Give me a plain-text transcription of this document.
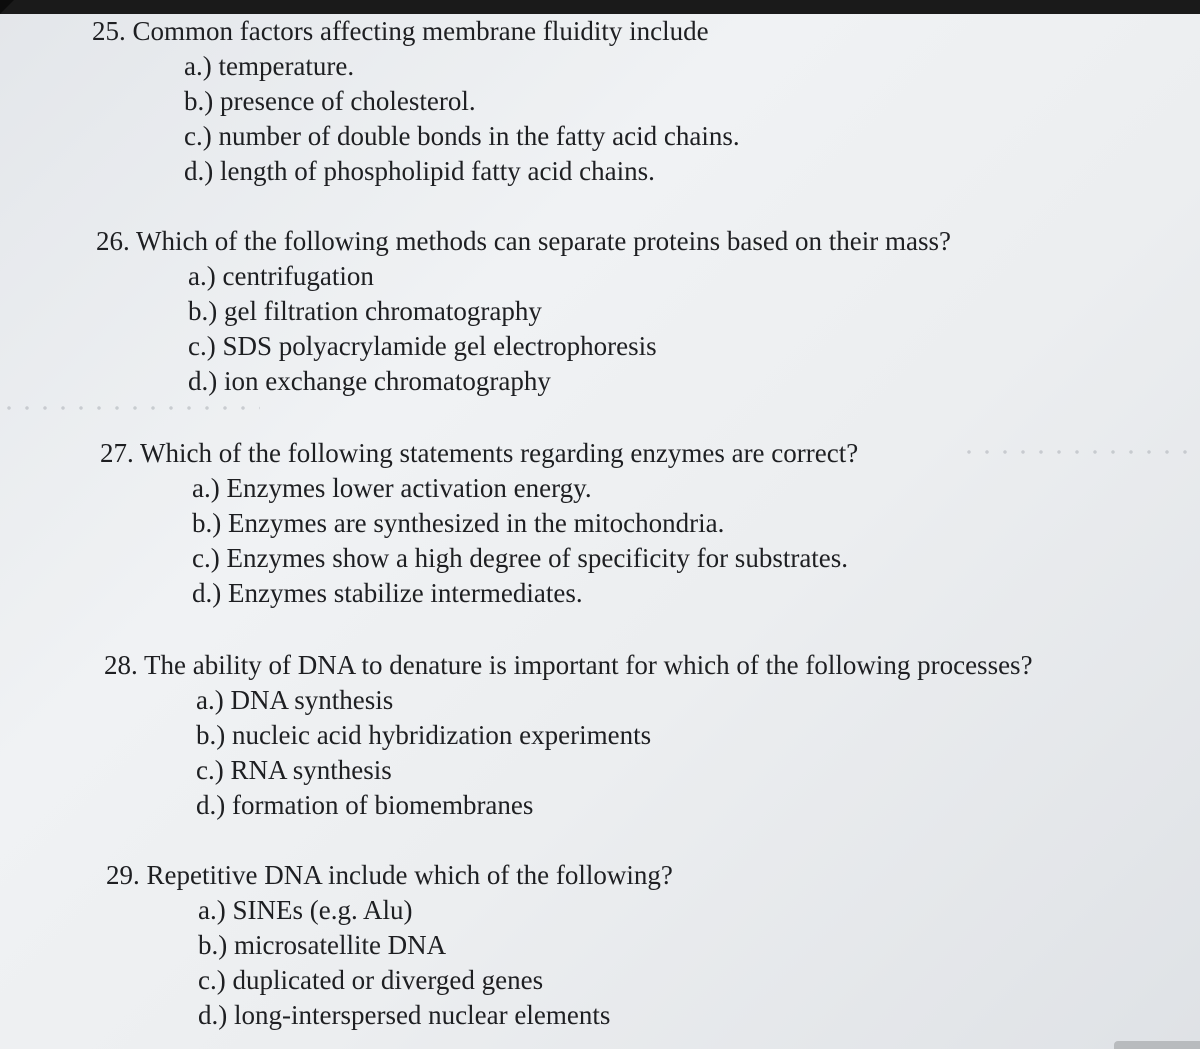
25. Common factors affecting membrane fluidity include
a.) temperature.
b.) presence of cholesterol.
c.) number of double bonds in the fatty acid chains.
d.) length of phospholipid fatty acid chains.
26. Which of the following methods can separate proteins based on their mass?
a.) centrifugation
b.) gel filtration chromatography
c.) SDS polyacrylamide gel electrophoresis
d.) ion exchange chromatography
27. Which of the following statements regarding enzymes are correct?
a.) Enzymes lower activation energy.
b.) Enzymes are synthesized in the mitochondria.
c.) Enzymes show a high degree of specificity for substrates.
d.) Enzymes stabilize intermediates.
28. The ability of DNA to denature is important for which of the following processes?
a.) DNA synthesis
b.) nucleic acid hybridization experiments
c.) RNA synthesis
d.) formation of biomembranes
29. Repetitive DNA include which of the following?
a.) SINEs (e.g. Alu)
b.) microsatellite DNA
c.) duplicated or diverged genes
d.) long-interspersed nuclear elements
